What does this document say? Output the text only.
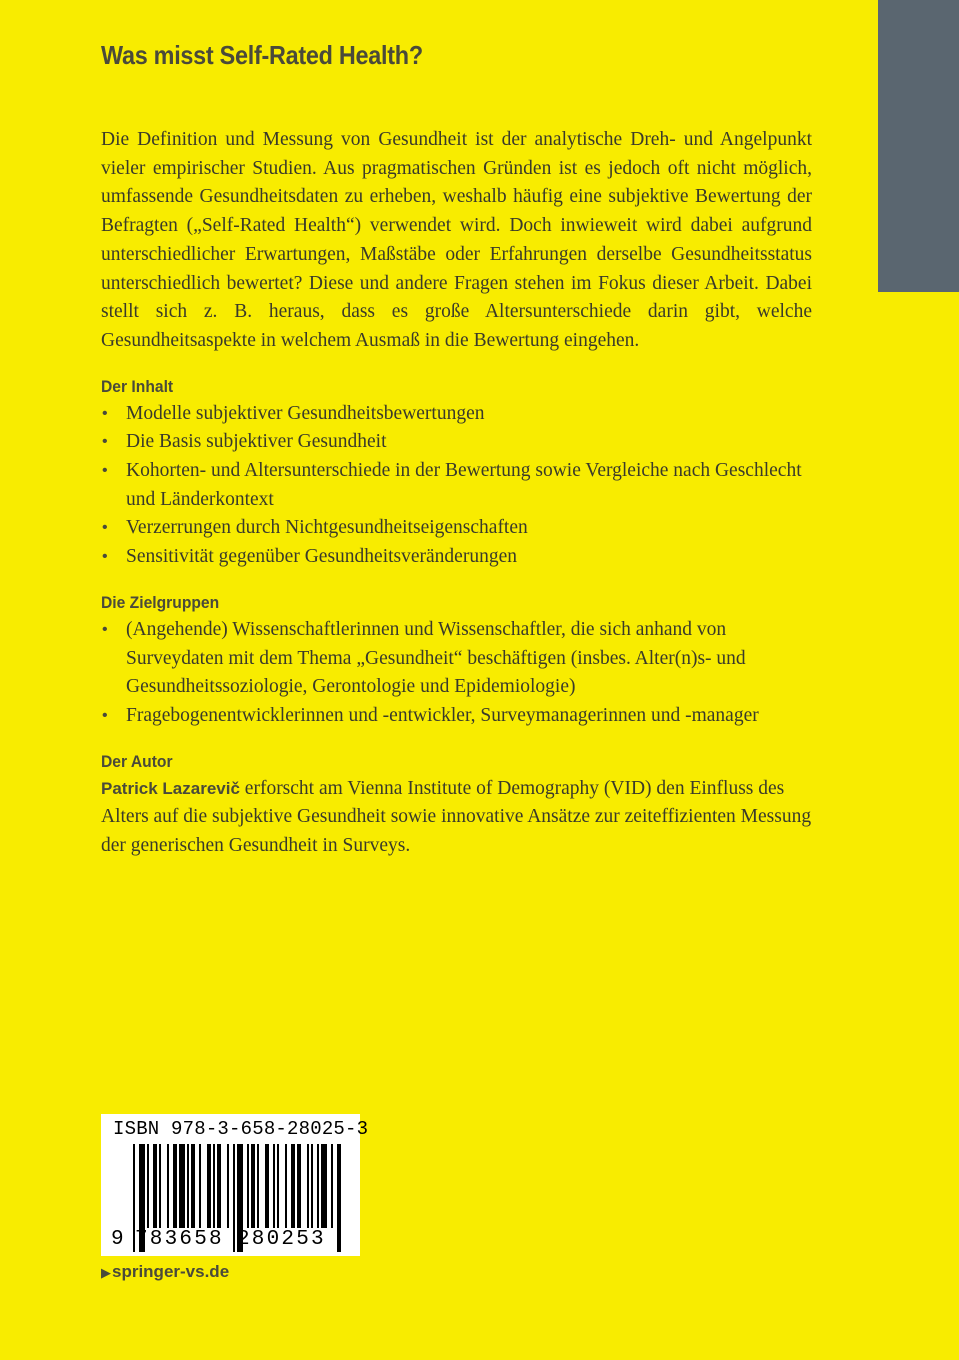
Was misst Self-Rated Health?

Die Definition und Messung von Gesundheit ist der analytische Dreh- und Angelpunkt vieler empirischer Studien. Aus pragmatischen Gründen ist es jedoch oft nicht möglich, umfassende Gesundheitsdaten zu erheben, weshalb häufig eine subjektive Bewertung der Befragten („Self-Rated Health“) verwendet wird. Doch inwieweit wird dabei aufgrund unterschiedlicher Erwartungen, Maßstäbe oder Erfahrungen derselbe Gesundheitsstatus unterschiedlich bewertet? Diese und andere Fragen stehen im Fokus dieser Arbeit. Dabei stellt sich z. B. heraus, dass es große Altersunterschiede darin gibt, welche Gesundheitsaspekte in welchem Ausmaß in die Bewertung eingehen.

Der Inhalt
• Modelle subjektiver Gesundheitsbewertungen
• Die Basis subjektiver Gesundheit
• Kohorten- und Altersunterschiede in der Bewertung sowie Vergleiche nach Geschlecht und Länderkontext
• Verzerrungen durch Nichtgesundheitseigenschaften
• Sensitivität gegenüber Gesundheitsveränderungen
Die Zielgruppen
• (Angehende) Wissenschaftlerinnen und Wissenschaftler, die sich anhand von Surveydaten mit dem Thema „Gesundheit“ beschäftigen (insbes. Alter(n)s- und Gesundheitssoziologie, Gerontologie und Epidemiologie)
• Fragebogenentwicklerinnen und -entwickler, Surveymanagerinnen und -manager
Der Autor

Patrick Lazarevič erforscht am Vienna Institute of Demography (VID) den Einfluss des Alters auf die subjektive Gesundheit sowie innovative Ansätze zur zeiteffizienten Messung der generischen Gesundheit in Surveys.

ISBN 978-3-658-28025-3
9 783658 280253
▶springer-vs.de
